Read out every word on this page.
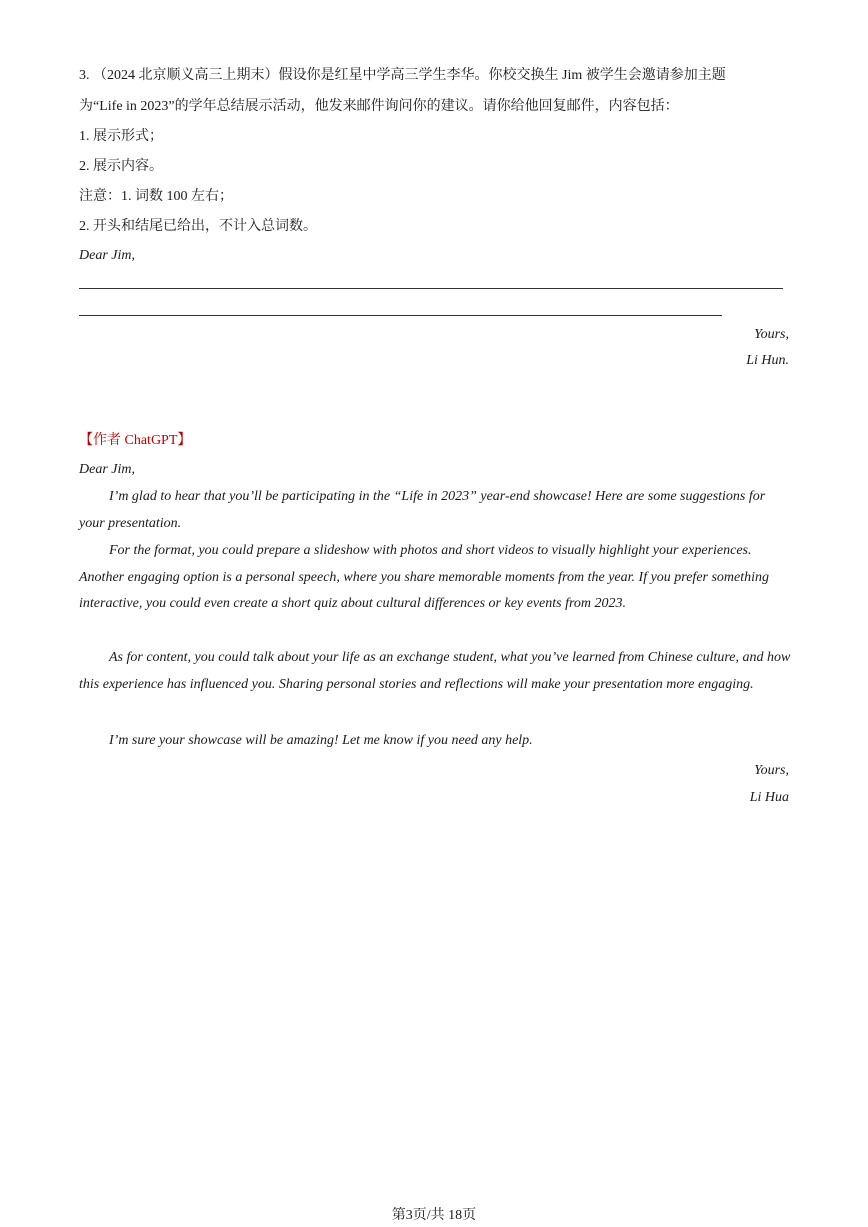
3. （2024 北京顺义高三上期末）假设你是红星中学高三学生李华。你校交换生 Jim 被学生会邀请参加主题
为“Life in 2023”的学年总结展示活动，他发来邮件询问你的建议。请你给他回复邮件，内容包括：
1. 展示形式；
2. 展示内容。
注意：1. 词数 100 左右；
2. 开头和结尾已给出，不计入总词数。
Dear Jim,
Yours,
Li Hun.
【作者 ChatGPT】
Dear Jim,
I’m glad to hear that you’ll be participating in the “Life in 2023” year-end showcase! Here are some suggestions for your presentation.
For the format, you could prepare a slideshow with photos and short videos to visually highlight your experiences. Another engaging option is a personal speech, where you share memorable moments from the year. If you prefer something interactive, you could even create a short quiz about cultural differences or key events from 2023.
As for content, you could talk about your life as an exchange student, what you’ve learned from Chinese culture, and how this experience has influenced you. Sharing personal stories and reflections will make your presentation more engaging.
I’m sure your showcase will be amazing! Let me know if you need any help.
Yours,
Li Hua
第3页/共 18页
